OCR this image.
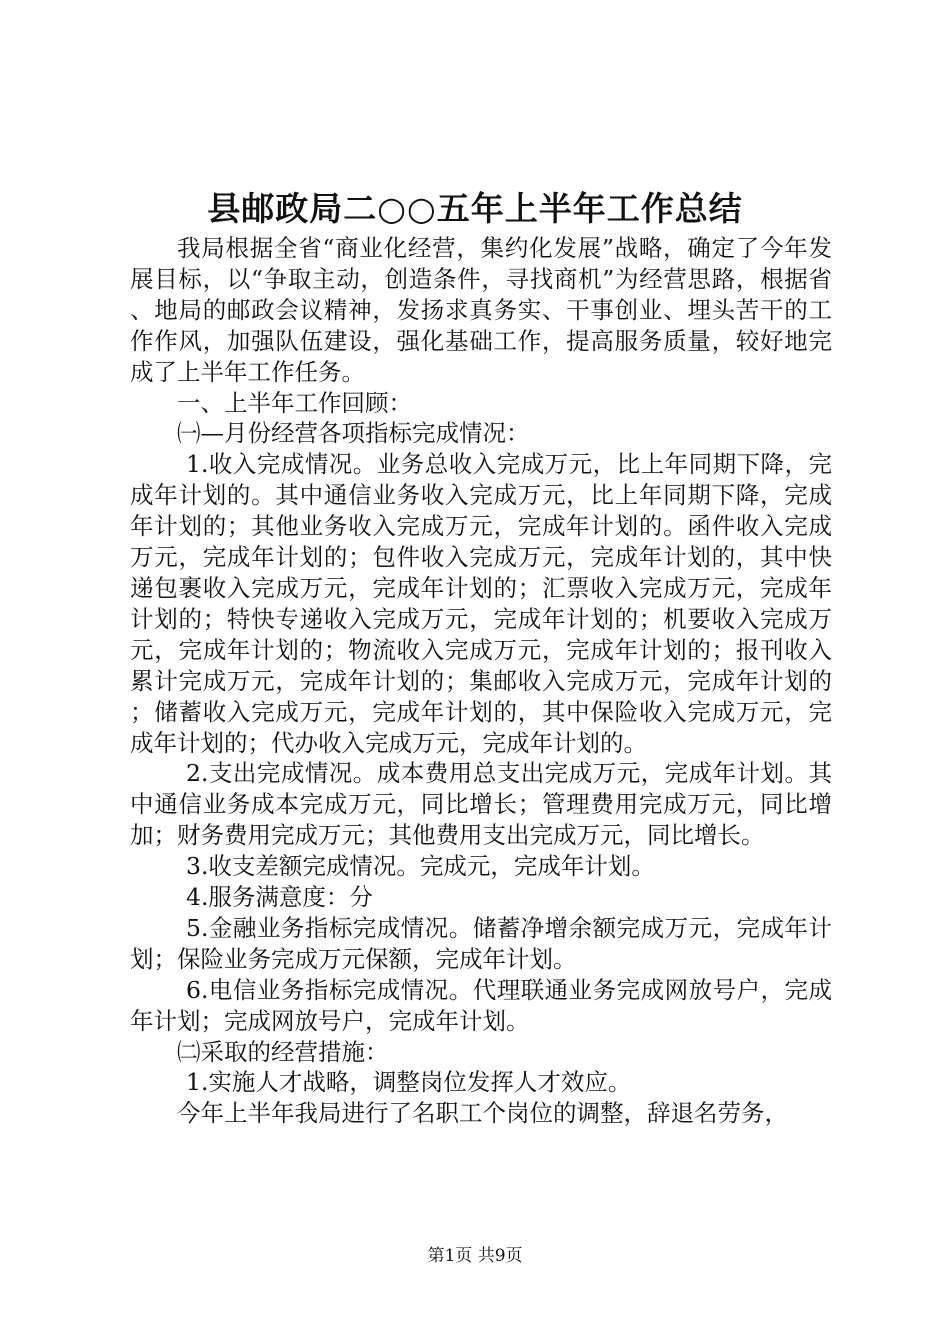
县邮政局二○○五年上半年工作总结

我局根据全省“商业化经营，集约化发展”战略，确定了今年发展目标，以“争取主动，创造条件，寻找商机”为经营思路，根据省、地局的邮政会议精神，发扬求真务实、干事创业、埋头苦干的工作作风，加强队伍建设，强化基础工作，提高服务质量，较好地完成了上半年工作任务。

一、上半年工作回顾：

㈠—月份经营各项指标完成情况：

1.收入完成情况。业务总收入完成万元，比上年同期下降，完成年计划的。其中通信业务收入完成万元，比上年同期下降，完成年计划的；其他业务收入完成万元，完成年计划的。函件收入完成万元，完成年计划的；包件收入完成万元，完成年计划的，其中快递包裹收入完成万元，完成年计划的；汇票收入完成万元，完成年计划的；特快专递收入完成万元，完成年计划的；机要收入完成万元，完成年计划的；物流收入完成万元，完成年计划的；报刊收入累计完成万元，完成年计划的；集邮收入完成万元，完成年计划的；储蓄收入完成万元，完成年计划的，其中保险收入完成万元，完成年计划的；代办收入完成万元，完成年计划的。

2.支出完成情况。成本费用总支出完成万元，完成年计划。其中通信业务成本完成万元，同比增长；管理费用完成万元，同比增加；财务费用完成万元；其他费用支出完成万元，同比增长。

3.收支差额完成情况。完成元，完成年计划。

4.服务满意度：分

5.金融业务指标完成情况。储蓄净增余额完成万元，完成年计划；保险业务完成万元保额，完成年计划。

6.电信业务指标完成情况。代理联通业务完成网放号户，完成年计划；完成网放号户，完成年计划。

㈡采取的经营措施：

1.实施人才战略，调整岗位发挥人才效应。

今年上半年我局进行了名职工个岗位的调整，辞退名劳务，

第1页 共9页
